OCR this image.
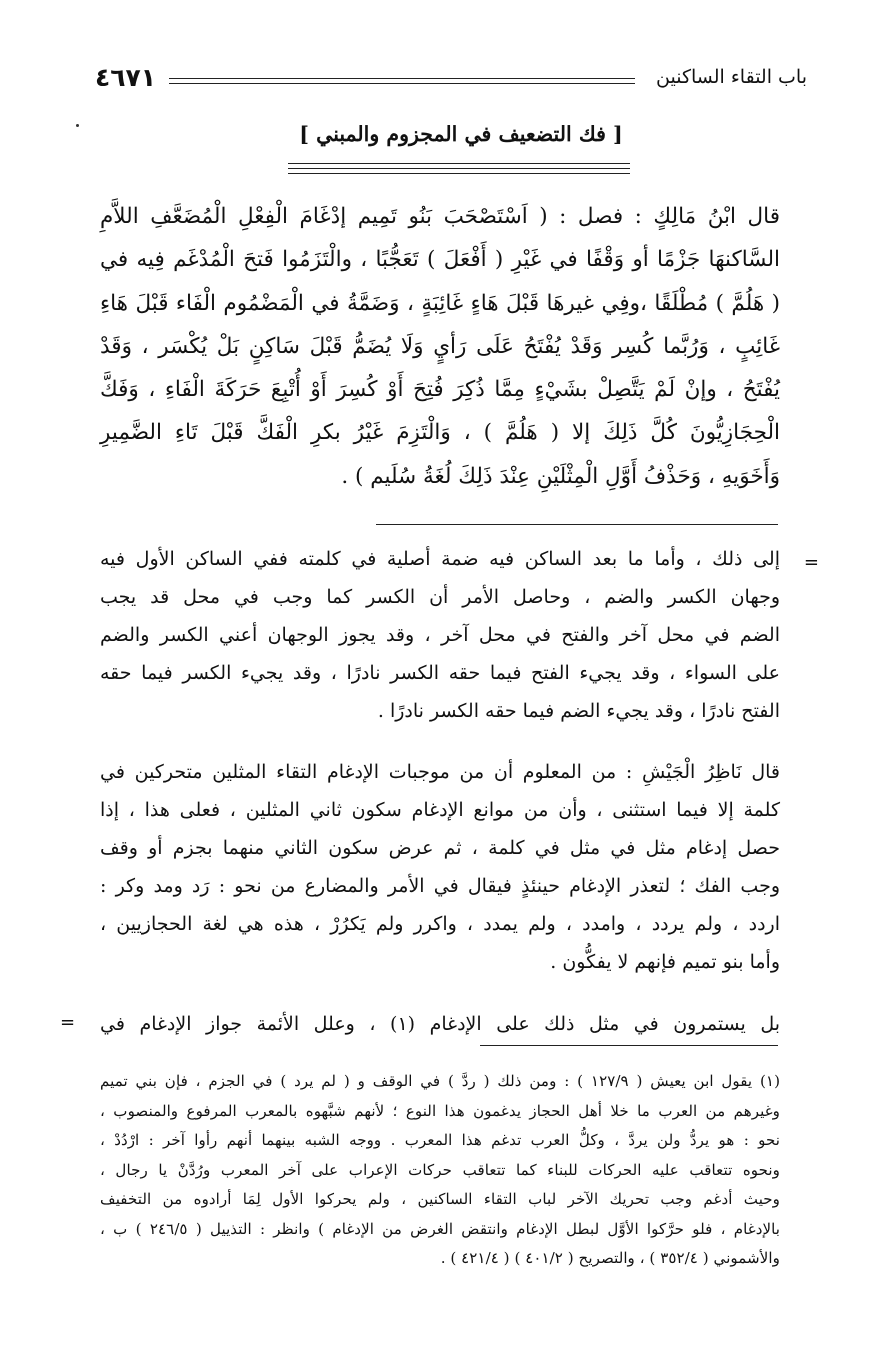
باب التقاء الساكنين
٤٦٧١
[ فك التضعيف في المجزوم والمبني ]
قال ابْنُ مَالِكٍ : فصل : ( اَسْتَصْحَبَ بَنُو تَمِيم إدْغَامَ الْفِعْلِ الْمُضَعَّفِ اللاَّمِ
السَّاكنهَا جَزْمًا أو وَقْفًا في غَيْرِ ( أَفْعَلَ ) تَعَجُّبًا ، والْتَزَمُوا فَتحَ الْمُدْغَم فِيه في
( هَلُمَّ ) مُطْلَقًا ،وفِي غيرهَا قَبْلَ هَاءٍ غَائِبَةٍ ، وَضَمَّةُ في الْمَضْمُوم الْفَاء قَبْلَ هَاءِ
غَائِبٍ ، وَرُبَّما كُسِر وَقَدْ يُفْتَحُ عَلَى رَأيٍ وَلَا يُضَمُّ قَبْلَ سَاكِنٍ بَلْ يُكْسَر ، وَقَدْ
يُفْتَحُ ، وإنْ لَمْ يَتَّصِلْ بشَيْءٍ مِمَّا ذُكِرَ فُتِحَ أَوْ كُسِرَ أَوْ أُتْبِعَ حَرَكَةَ الْفَاءِ ، وَفَكَّ
الْحِجَازِيُّونَ كُلَّ ذَلِكَ إلا ( هَلُمَّ ) ، وَالْتَزِمَ غَيْرُ بكرِ الْفَكَّ قَبْلَ تَاءِ الضَّمِيرِ
وَأَخَوَيهِ ، وَحَذْفُ أَوَّلِ الْمِثْلَيْنِ عِنْدَ ذَلِكَ لُغَةُ سُلَيم ) .
=
إلى ذلك ، وأما ما بعد الساكن فيه ضمة أصلية في كلمته ففي الساكن الأول فيه
وجهان الكسر والضم ، وحاصل الأمر أن الكسر كما وجب في محل قد يجب
الضم في محل آخر والفتح في محل آخر ، وقد يجوز الوجهان أعني الكسر والضم
على السواء ، وقد يجيء الفتح فيما حقه الكسر نادرًا ، وقد يجيء الكسر فيما حقه
الفتح نادرًا ، وقد يجيء الضم فيما حقه الكسر نادرًا .
قال نَاظِرُ الْجَيْشِ : من المعلوم أن من موجبات الإدغام التقاء المثلين متحركين في
كلمة إلا فيما استثنى ، وأن من موانع الإدغام سكون ثاني المثلين ، فعلى هذا ، إذا
حصل إدغام مثل في مثل في كلمة ، ثم عرض سكون الثاني منهما بجزم أو وقف
وجب الفك ؛ لتعذر الإدغام حينئذٍ فيقال في الأمر والمضارع من نحو : رَد ومد وكر :
اردد ، ولم يردد ، وامدد ، ولم يمدد ، واكرر ولم يَكرُرْ ، هذه هي لغة الحجازيين ،
وأما بنو تميم فإنهم لا يفكُّون .
بل يستمرون في مثل ذلك على الإدغام (١) ، وعلل الأئمة جواز الإدغام في
=
(١) يقول ابن يعيش ( ١٢٧/٩ ) : ومن ذلك ( ردَّ ) في الوقف و ( لم يرد ) في الجزم ، فإن بني تميم
وغيرهم من العرب ما خلا أهل الحجاز يدغمون هذا النوع ؛ لأنهم شبَّهوه بالمعرب المرفوع والمنصوب ،
نحو : هو يردُّ ولن يردَّ ، وكلُّ العرب تدغم هذا المعرب . ووجه الشبه بينهما أنهم رأوا آخر : ارْدُدْ ،
ونحوه تتعاقب عليه الحركات للبناء كما تتعاقب حركات الإعراب على آخر المعرب ورُدَّنْ يا رجال ،
وحيث أدغم وجب تحريك الآخر لباب التقاء الساكنين ، ولم يحركوا الأول لِمَا أرادوه من التخفيف
بالإدغام ، فلو حرَّكوا الأوَّل لبطل الإدغام وانتقض الغرض من الإدغام ) وانظر : التذييل ( ٢٤٦/٥ ) ب ،
والأشموني ( ٣٥٢/٤ ) ، والتصريح ( ٤٠١/٢ ) ( ٤٢١/٤ ) .
